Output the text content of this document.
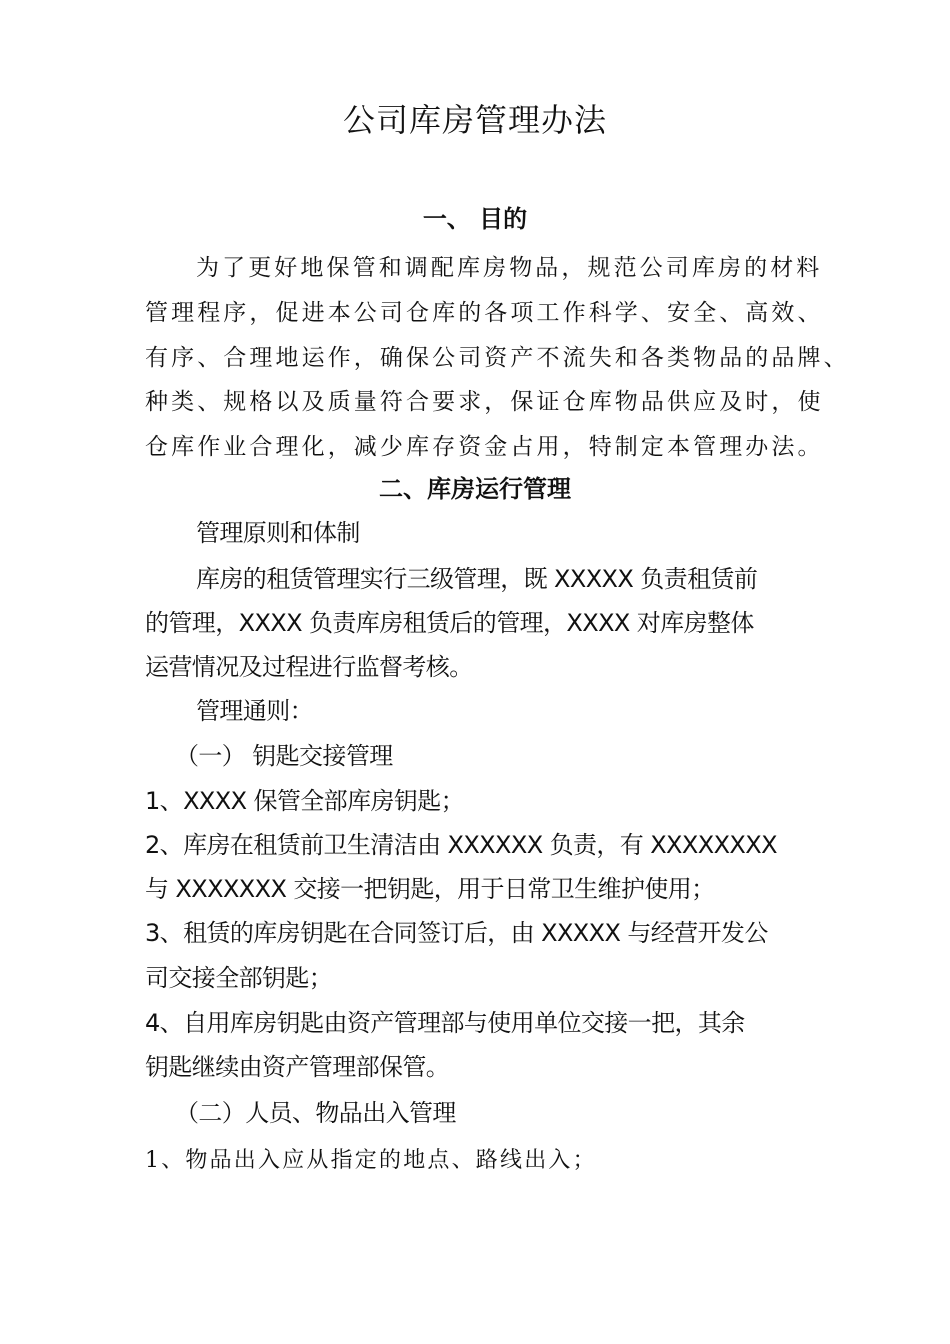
公司库房管理办法

一、 目的

为了更好地保管和调配库房物品，规范公司库房的材料

管理程序，促进本公司仓库的各项工作科学、安全、高效、

有序、合理地运作，确保公司资产不流失和各类物品的品牌、

种类、规格以及质量符合要求，保证仓库物品供应及时，使

仓库作业合理化，减少库存资金占用，特制定本管理办法。

二、库房运行管理

管理原则和体制

库房的租赁管理实行三级管理，既 XXXXX 负责租赁前

的管理，XXXX 负责库房租赁后的管理，XXXX 对库房整体

运营情况及过程进行监督考核。

管理通则：

（一） 钥匙交接管理

1、XXXX 保管全部库房钥匙；

2、库房在租赁前卫生清洁由 XXXXXX 负责，有 XXXXXXXX

与 XXXXXXX 交接一把钥匙，用于日常卫生维护使用；

3、租赁的库房钥匙在合同签订后，由 XXXXX 与经营开发公

司交接全部钥匙；

4、自用库房钥匙由资产管理部与使用单位交接一把，其余

钥匙继续由资产管理部保管。

（二）人员、物品出入管理

1、物品出入应从指定的地点、路线出入；
